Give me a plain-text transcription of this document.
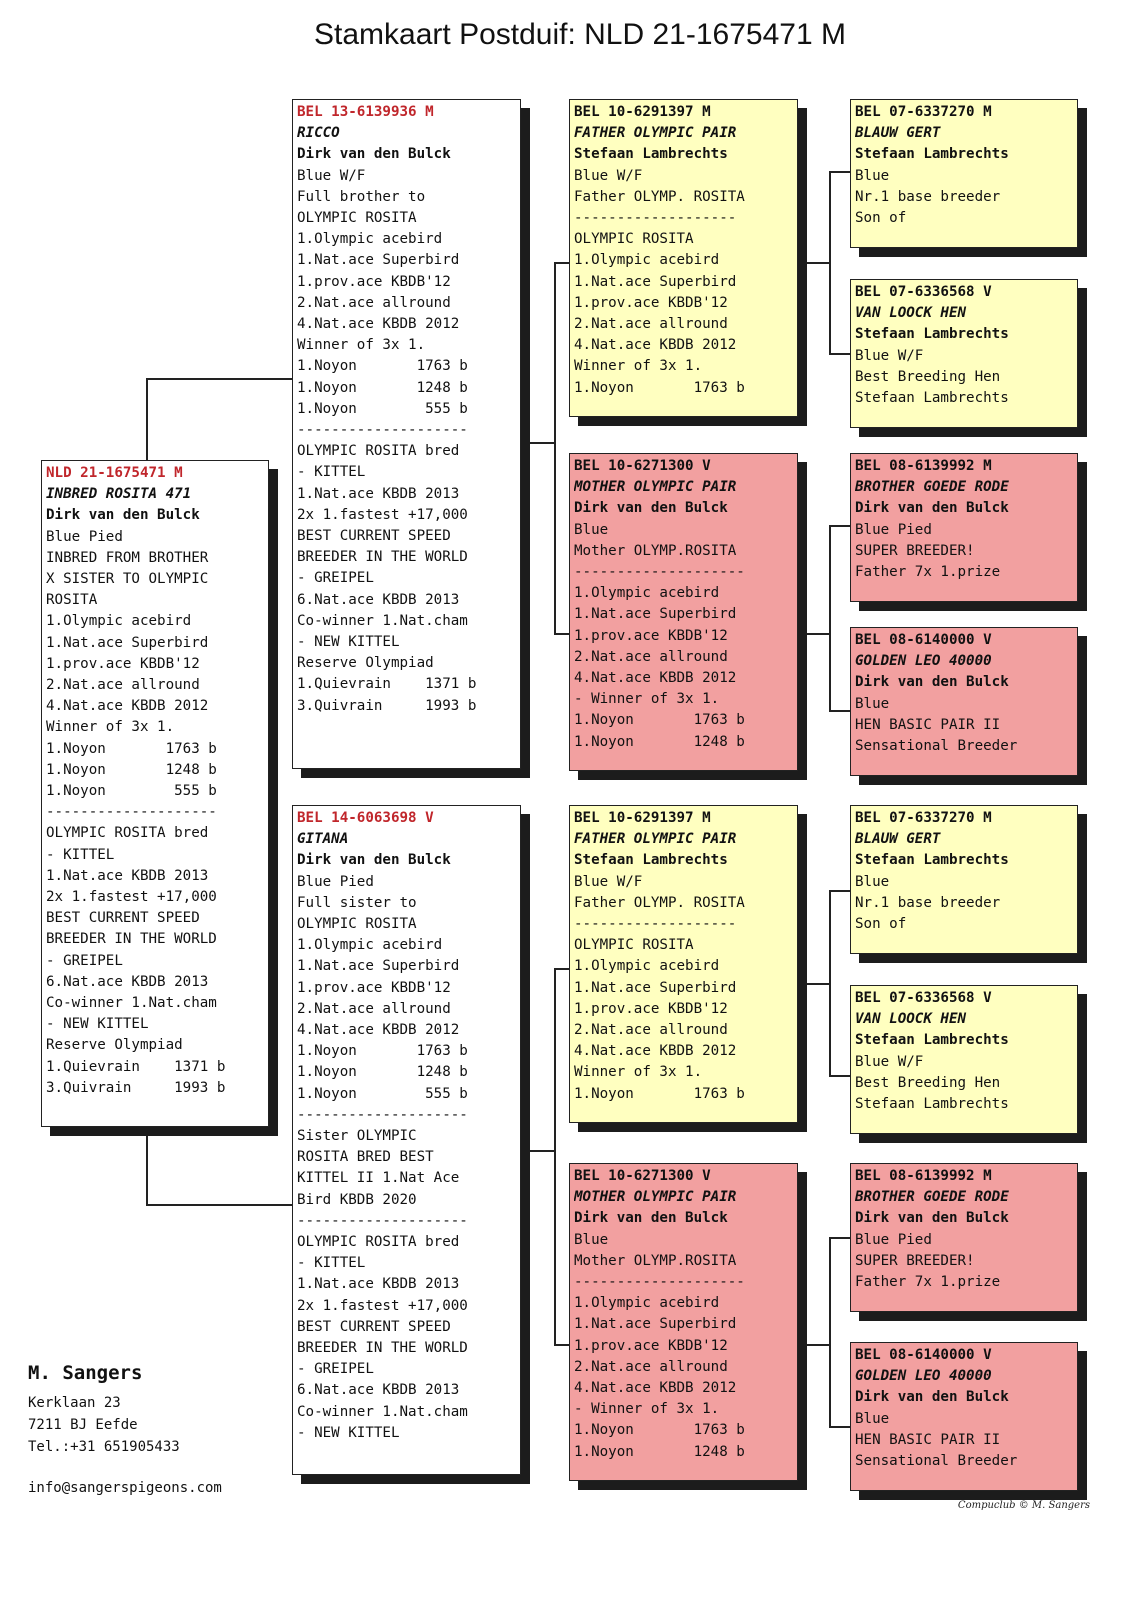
Stamkaart Postduif: NLD 21-1675471 M
NLD 21-1675471 M
INBRED ROSITA 471
Dirk van den Bulck
Blue Pied
INBRED FROM BROTHER
X SISTER TO OLYMPIC
ROSITA
1.Olympic acebird
1.Nat.ace Superbird
1.prov.ace KBDB'12
2.Nat.ace allround
4.Nat.ace KBDB 2012
Winner of 3x 1.
1.Noyon       1763 b
1.Noyon       1248 b
1.Noyon        555 b
--------------------
OLYMPIC ROSITA bred
- KITTEL
1.Nat.ace KBDB 2013
2x 1.fastest +17,000
BEST CURRENT SPEED
BREEDER IN THE WORLD
- GREIPEL
6.Nat.ace KBDB 2013
Co-winner 1.Nat.cham
- NEW KITTEL
Reserve Olympiad
1.Quievrain    1371 b
3.Quivrain     1993 b
BEL 13-6139936 M
RICCO
Dirk van den Bulck
Blue W/F
Full brother to
OLYMPIC ROSITA
1.Olympic acebird
1.Nat.ace Superbird
1.prov.ace KBDB'12
2.Nat.ace allround
4.Nat.ace KBDB 2012
Winner of 3x 1.
1.Noyon       1763 b
1.Noyon       1248 b
1.Noyon        555 b
--------------------
OLYMPIC ROSITA bred
- KITTEL
1.Nat.ace KBDB 2013
2x 1.fastest +17,000
BEST CURRENT SPEED
BREEDER IN THE WORLD
- GREIPEL
6.Nat.ace KBDB 2013
Co-winner 1.Nat.cham
- NEW KITTEL
Reserve Olympiad
1.Quievrain    1371 b
3.Quivrain     1993 b
BEL 14-6063698 V
GITANA
Dirk van den Bulck
Blue Pied
Full sister to
OLYMPIC ROSITA
1.Olympic acebird
1.Nat.ace Superbird
1.prov.ace KBDB'12
2.Nat.ace allround
4.Nat.ace KBDB 2012
1.Noyon       1763 b
1.Noyon       1248 b
1.Noyon        555 b
--------------------
Sister OLYMPIC
ROSITA BRED BEST
KITTEL II 1.Nat Ace
Bird KBDB 2020
--------------------
OLYMPIC ROSITA bred
- KITTEL
1.Nat.ace KBDB 2013
2x 1.fastest +17,000
BEST CURRENT SPEED
BREEDER IN THE WORLD
- GREIPEL
6.Nat.ace KBDB 2013
Co-winner 1.Nat.cham
- NEW KITTEL
BEL 10-6291397 M
FATHER OLYMPIC PAIR
Stefaan Lambrechts
Blue W/F
Father OLYMP. ROSITA
-------------------
OLYMPIC ROSITA
1.Olympic acebird
1.Nat.ace Superbird
1.prov.ace KBDB'12
2.Nat.ace allround
4.Nat.ace KBDB 2012
Winner of 3x 1.
1.Noyon       1763 b
BEL 10-6271300 V
MOTHER OLYMPIC PAIR
Dirk van den Bulck
Blue
Mother OLYMP.ROSITA
--------------------
1.Olympic acebird
1.Nat.ace Superbird
1.prov.ace KBDB'12
2.Nat.ace allround
4.Nat.ace KBDB 2012
- Winner of 3x 1.
1.Noyon       1763 b
1.Noyon       1248 b
BEL 10-6291397 M
FATHER OLYMPIC PAIR
Stefaan Lambrechts
Blue W/F
Father OLYMP. ROSITA
-------------------
OLYMPIC ROSITA
1.Olympic acebird
1.Nat.ace Superbird
1.prov.ace KBDB'12
2.Nat.ace allround
4.Nat.ace KBDB 2012
Winner of 3x 1.
1.Noyon       1763 b
BEL 10-6271300 V
MOTHER OLYMPIC PAIR
Dirk van den Bulck
Blue
Mother OLYMP.ROSITA
--------------------
1.Olympic acebird
1.Nat.ace Superbird
1.prov.ace KBDB'12
2.Nat.ace allround
4.Nat.ace KBDB 2012
- Winner of 3x 1.
1.Noyon       1763 b
1.Noyon       1248 b
BEL 07-6337270 M
BLAUW GERT
Stefaan Lambrechts
Blue
Nr.1 base breeder
Son of
BEL 07-6336568 V
VAN LOOCK HEN
Stefaan Lambrechts
Blue W/F
Best Breeding Hen
Stefaan Lambrechts
BEL 08-6139992 M
BROTHER GOEDE RODE
Dirk van den Bulck
Blue Pied
SUPER BREEDER!
Father 7x 1.prize
BEL 08-6140000 V
GOLDEN LEO 40000
Dirk van den Bulck
Blue
HEN BASIC PAIR II
Sensational Breeder
BEL 07-6337270 M
BLAUW GERT
Stefaan Lambrechts
Blue
Nr.1 base breeder
Son of
BEL 07-6336568 V
VAN LOOCK HEN
Stefaan Lambrechts
Blue W/F
Best Breeding Hen
Stefaan Lambrechts
BEL 08-6139992 M
BROTHER GOEDE RODE
Dirk van den Bulck
Blue Pied
SUPER BREEDER!
Father 7x 1.prize
BEL 08-6140000 V
GOLDEN LEO 40000
Dirk van den Bulck
Blue
HEN BASIC PAIR II
Sensational Breeder
M. Sangers
Kerklaan 23
7211 BJ Eefde
Tel.:+31 651905433
info@sangerspigeons.com
Compuclub © M. Sangers
